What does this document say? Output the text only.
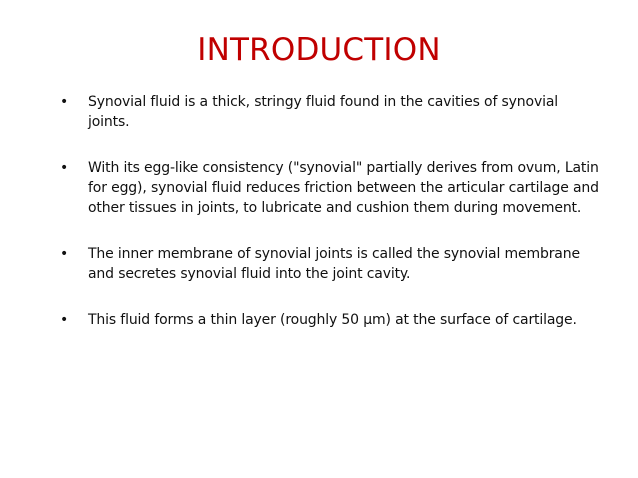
INTRODUCTION
•	Synovial fluid is a thick, stringy fluid found in the cavities of synovial joints.
•	With its egg-like consistency ("synovial" partially derives from ovum, Latin for egg), synovial fluid reduces friction between the articular cartilage and other tissues in joints, to lubricate and cushion them during movement.
•	The inner membrane of synovial joints is called the synovial membrane and secretes synovial fluid into the joint cavity.
•	This fluid forms a thin layer (roughly 50 µm) at the surface of cartilage.
